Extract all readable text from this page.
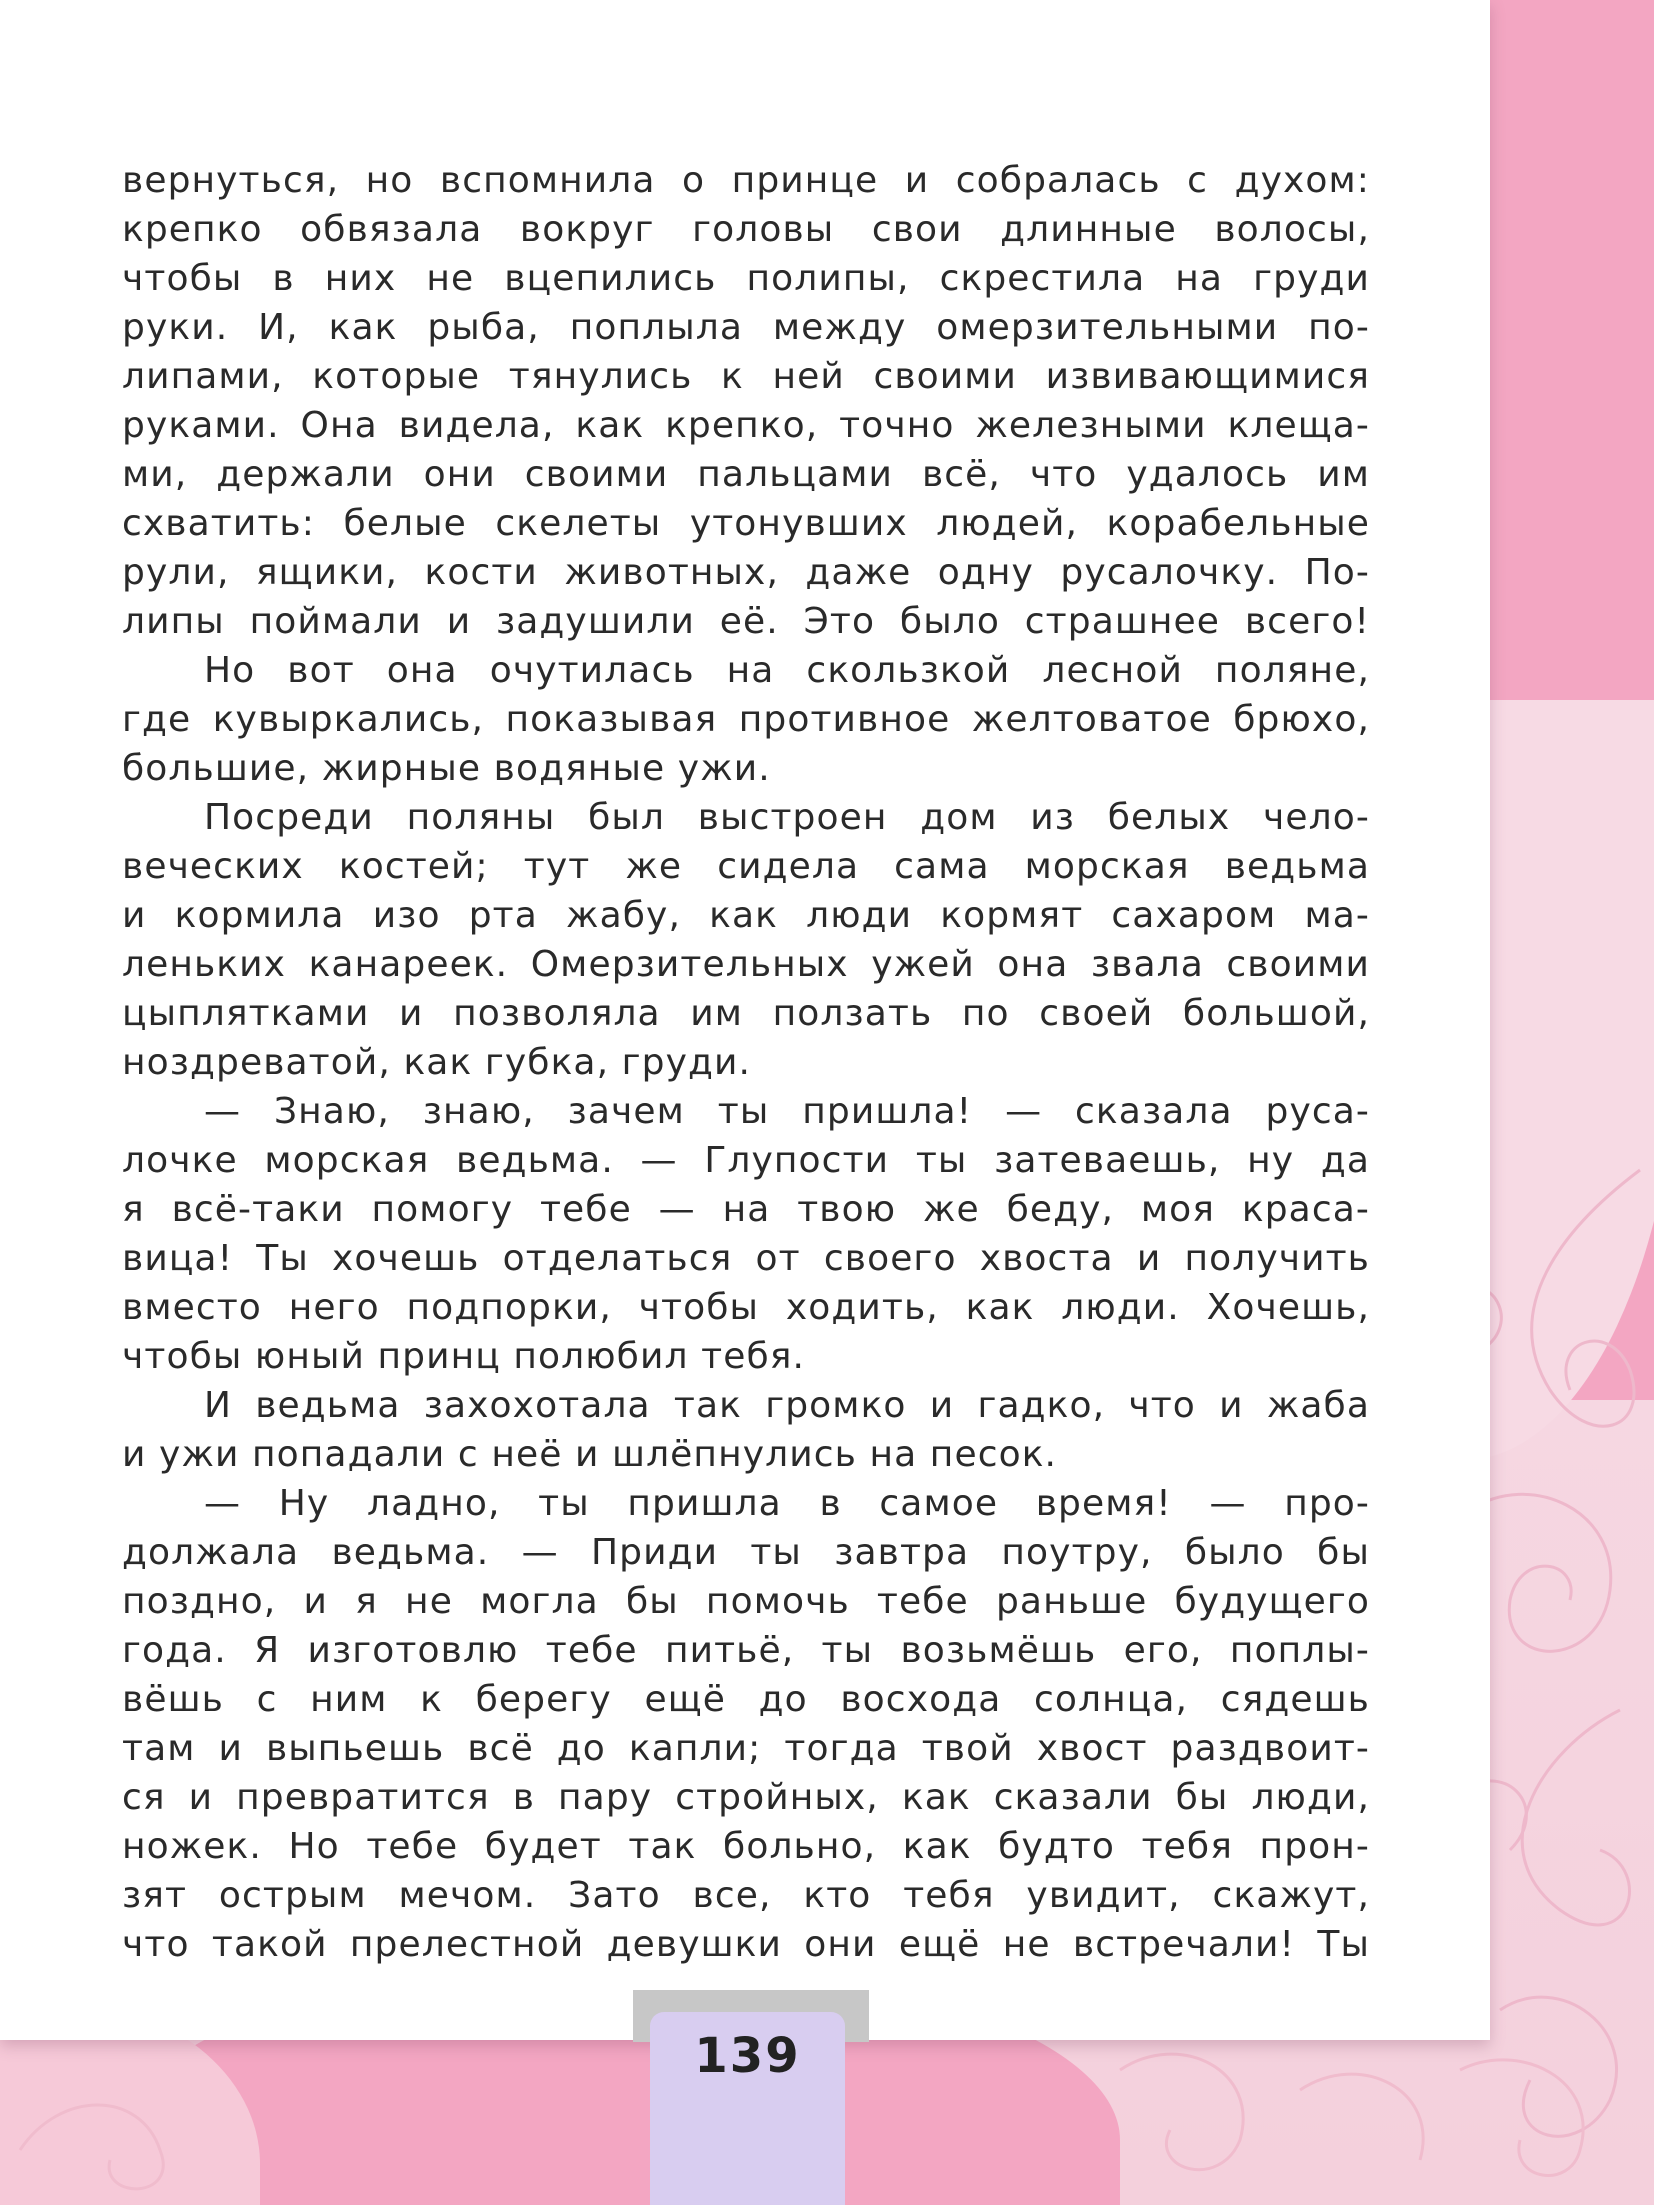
вернуться, но вспомнила о принце и собралась с духом:
крепко обвязала вокруг головы свои длинные волосы,
чтобы в них не вцепились полипы, скрестила на груди
руки. И, как рыба, поплыла между омерзительными по-
липами, которые тянулись к ней своими извивающимися
руками. Она видела, как крепко, точно железными клеща-
ми, держали они своими пальцами всё, что удалось им
схватить: белые скелеты утонувших людей, корабельные
рули, ящики, кости животных, даже одну русалочку. По-
липы поймали и задушили её. Это было страшнее всего!
Но вот она очутилась на скользкой лесной поляне,
где кувыркались, показывая противное желтоватое брюхо,
большие, жирные водяные ужи.
Посреди поляны был выстроен дом из белых чело-
веческих костей; тут же сидела сама морская ведьма
и кормила изо рта жабу, как люди кормят сахаром ма-
леньких канареек. Омерзительных ужей она звала своими
цыплятками и позволяла им ползать по своей большой,
ноздреватой, как губка, груди.
— Знаю, знаю, зачем ты пришла! — сказала руса-
лочке морская ведьма. — Глупости ты затеваешь, ну да
я всё-таки помогу тебе — на твою же беду, моя краса-
вица! Ты хочешь отделаться от своего хвоста и получить
вместо него подпорки, чтобы ходить, как люди. Хочешь,
чтобы юный принц полюбил тебя.
И ведьма захохотала так громко и гадко, что и жаба
и ужи попадали с неё и шлёпнулись на песок.
— Ну ладно, ты пришла в самое время! — про-
должала ведьма. — Приди ты завтра поутру, было бы
поздно, и я не могла бы помочь тебе раньше будущего
года. Я изготовлю тебе питьё, ты возьмёшь его, поплы-
вёшь с ним к берегу ещё до восхода солнца, сядешь
там и выпьешь всё до капли; тогда твой хвост раздвоит-
ся и превратится в пару стройных, как сказали бы люди,
ножек. Но тебе будет так больно, как будто тебя прон-
зят острым мечом. Зато все, кто тебя увидит, скажут,
что такой прелестной девушки они ещё не встречали! Ты
139
